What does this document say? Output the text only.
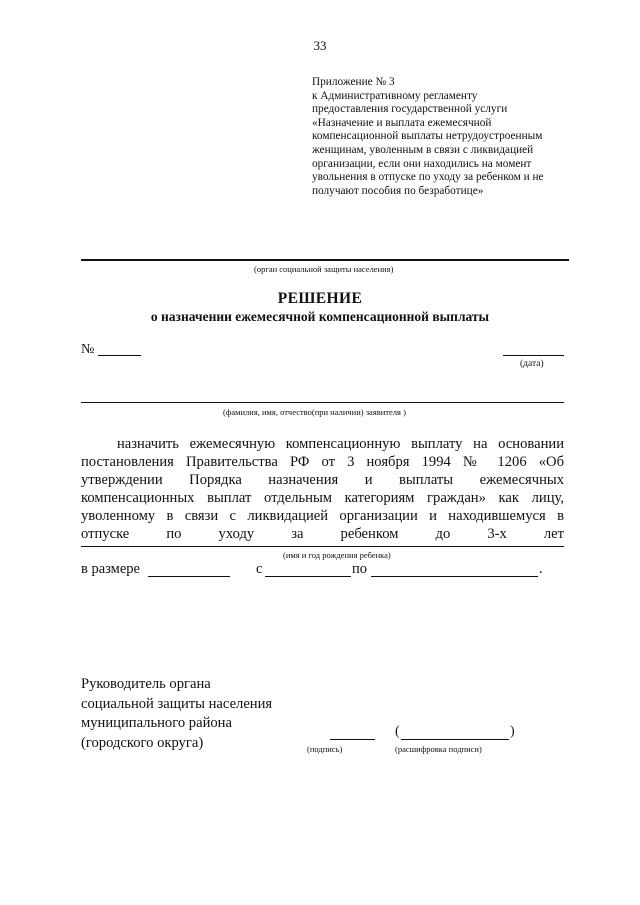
33
Приложение № 3
к Административному регламенту
предоставления государственной услуги
«Назначение и выплата ежемесячной
компенсационной выплаты нетрудоустроенным
женщинам, уволенным в связи с ликвидацией
организации, если они находились на момент
увольнения в отпуске по уходу за ребенком и не
получают пособия по безработице»
(орган социальной защиты населения)
РЕШЕНИЕ
о назначении ежемесячной компенсационной выплаты
№
(дата)
(фамилия, имя, отчество(при наличии) заявителя )
назначить ежемесячную компенсационную выплату на основании
постановления Правительства РФ от 3 ноября 1994 № 1206 «Об
утверждении Порядка назначения и выплаты ежемесячных
компенсационных выплат отдельным категориям граждан» как лицу,
уволенному в связи с ликвидацией организации и находившемуся в
отпуске по уходу за ребенком до 3-х лет
(имя и год рождения ребенка)
в размере	с	по	.
Руководитель органа
социальной защиты населения
муниципального района
(городского округа)	(подпись)
(	)
(расшифровка подписи)
